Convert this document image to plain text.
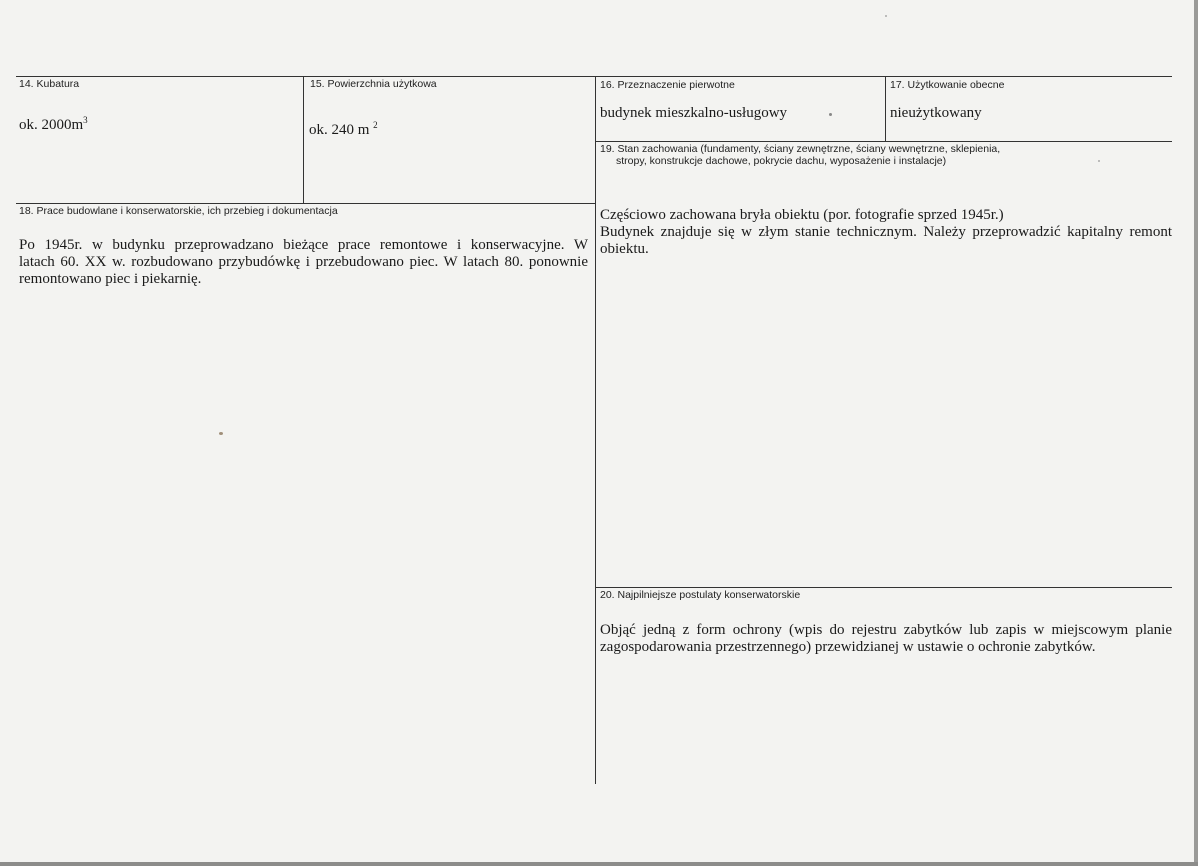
14. Kubatura
ok. $2000m^3$
15. Powierzchnia użytkowa
ok. 240 m $^2$
16. Przeznaczenie pierwotne
budynek mieszkalno-usługowy
17. Użytkowanie obecne
nieużytkowany
19. Stan zachowania (fundamenty, ściany zewnętrzne, ściany wewnętrzne, sklepienia,
stropy, konstrukcje dachowe, pokrycie dachu, wyposażenie i instalacje)
Częściowo zachowana bryła obiektu (por. fotografie sprzed 1945r.)
Budynek znajduje się w złym stanie technicznym. Należy przeprowadzić kapitalny remont
obiektu.
18. Prace budowlane i konserwatorskie, ich przebieg i dokumentacja
Po 1945r. w budynku przeprowadzano bieżące prace remontowe i konserwacyjne. W
latach 60. XX w. rozbudowano przybudówkę i przebudowano piec. W latach 80. ponownie
remontowano piec i piekarnię.
20. Najpilniejsze postulaty konserwatorskie
Objąć jedną z form ochrony (wpis do rejestru zabytków lub zapis w miejscowym planie
zagospodarowania przestrzennego) przewidzianej w ustawie o ochronie zabytków.
